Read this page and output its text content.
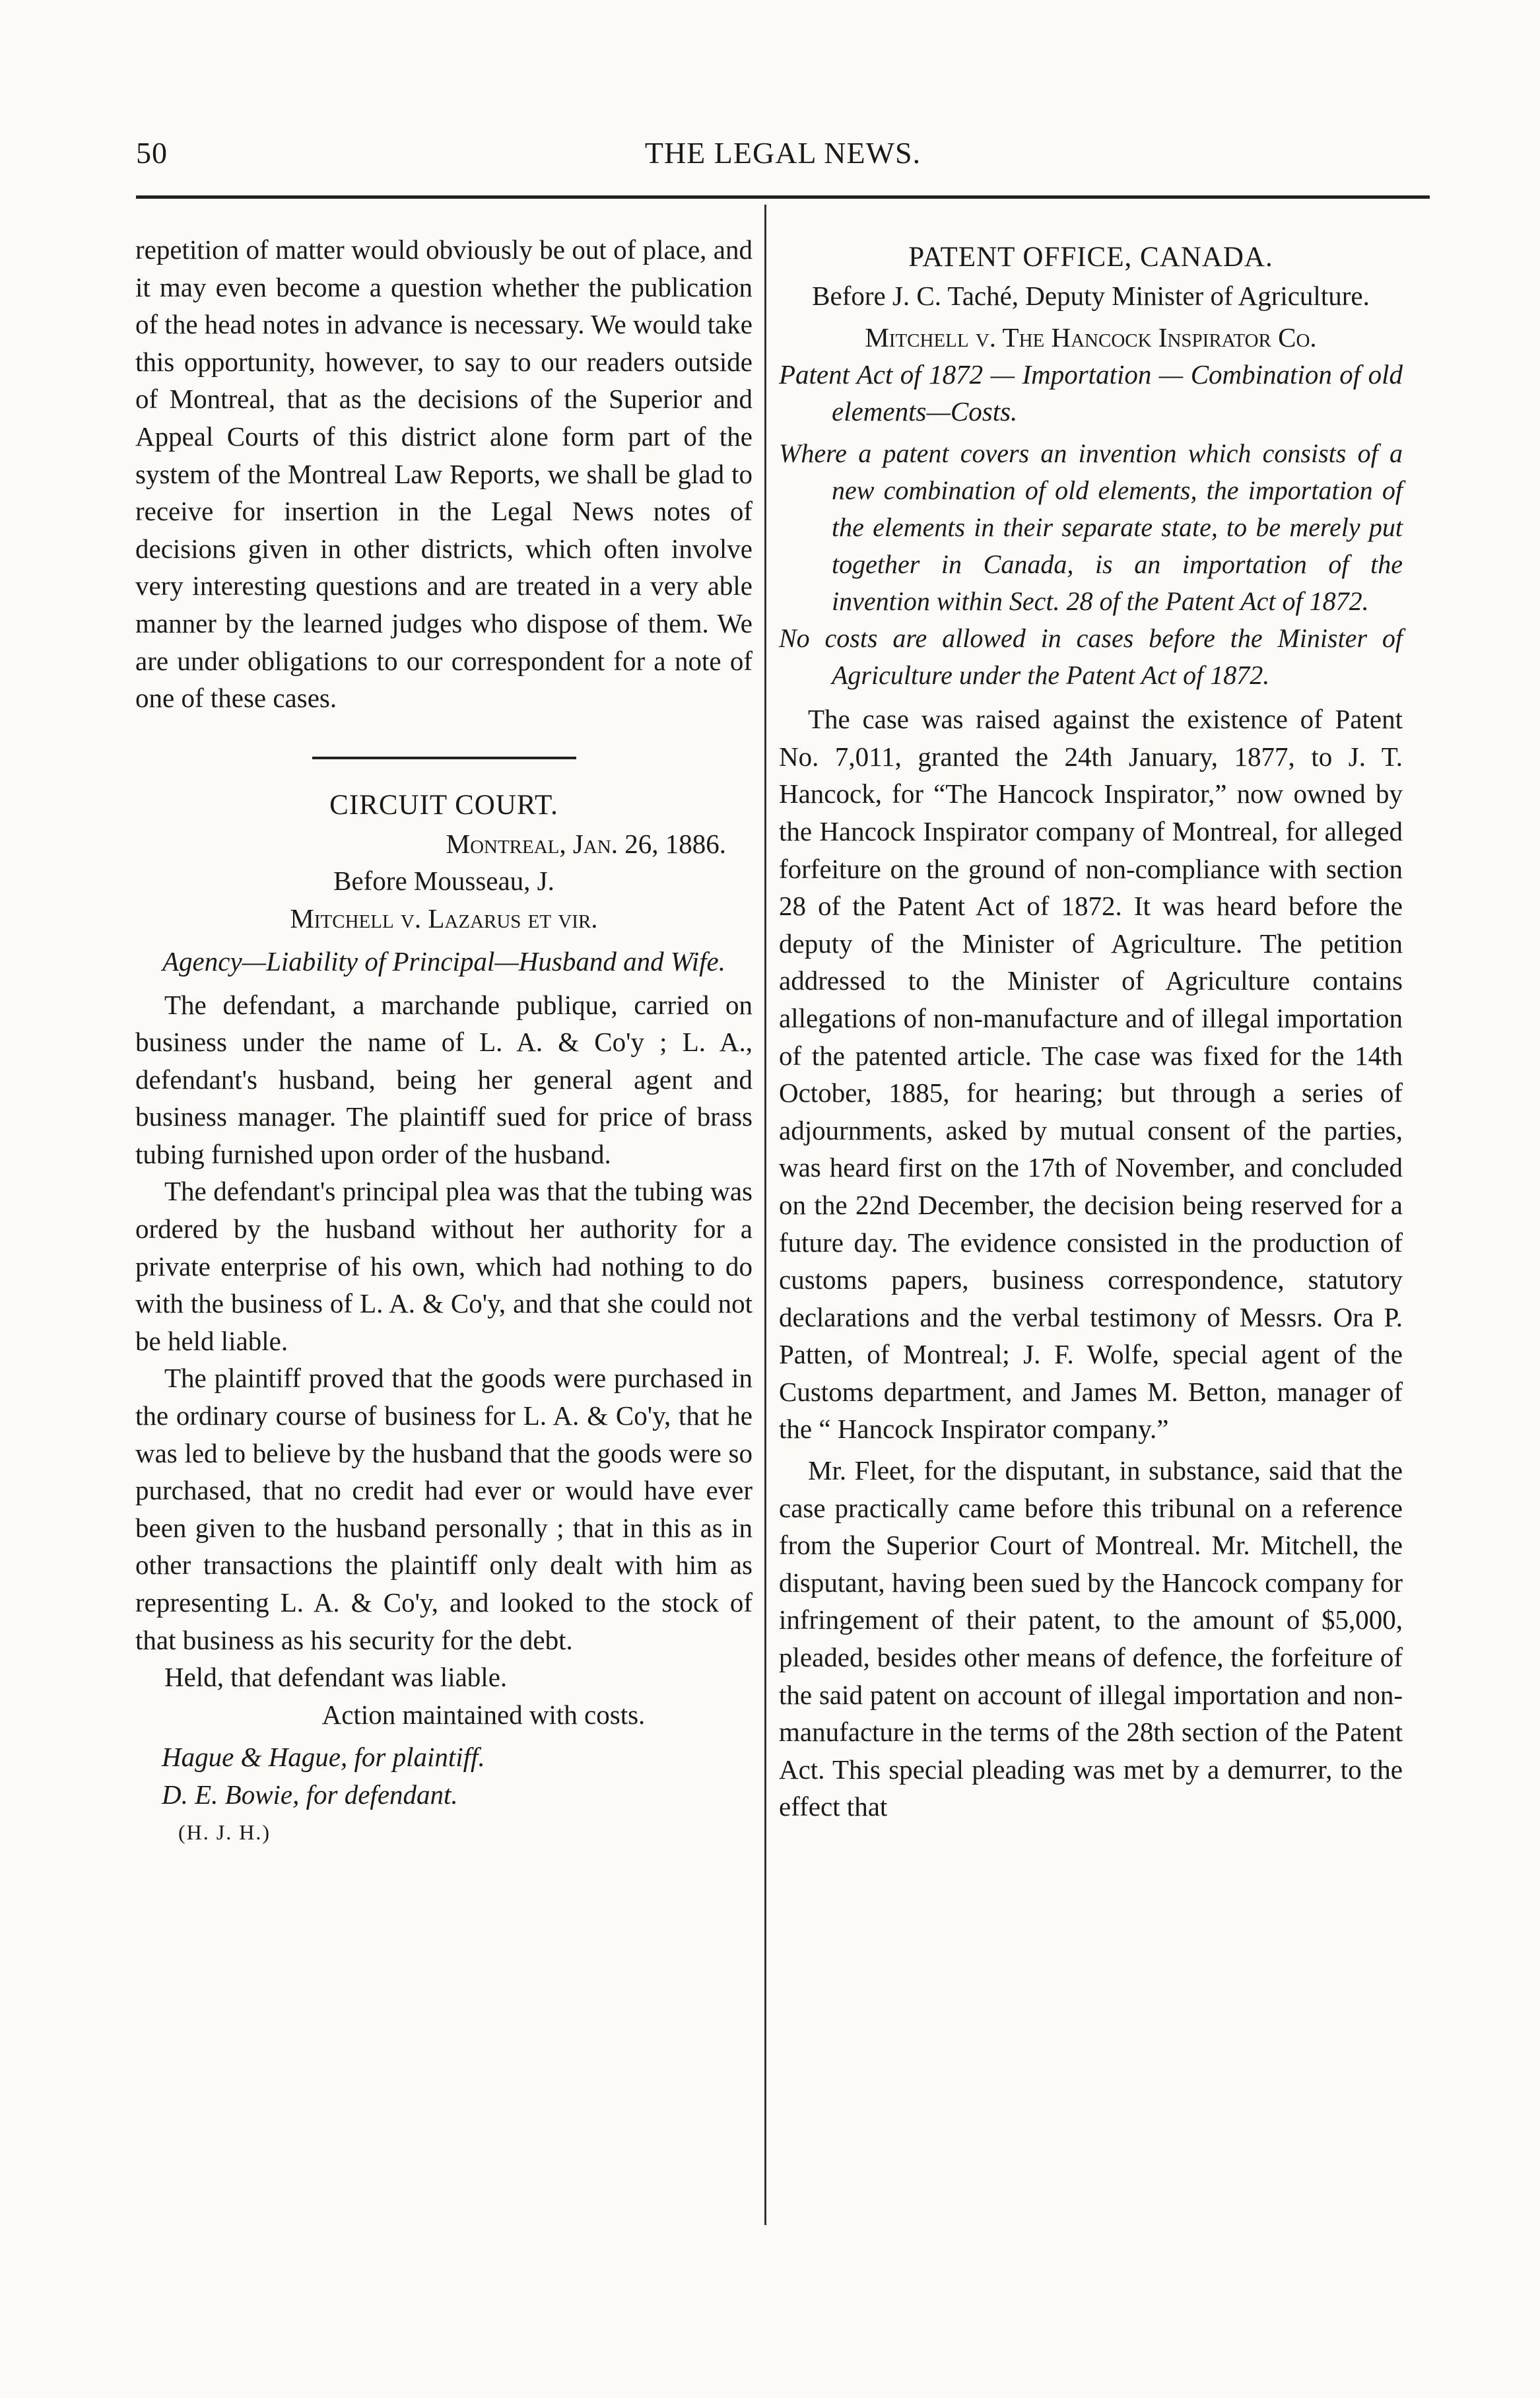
50	THE LEGAL NEWS.

repetition of matter would obviously be out of place, and it may even become a question whether the publication of the head notes in advance is necessary. We would take this opportunity, however, to say to our readers outside of Montreal, that as the decisions of the Superior and Appeal Courts of this district alone form part of the system of the Montreal Law Reports, we shall be glad to receive for insertion in the Legal News notes of decisions given in other districts, which often involve very interesting questions and are treated in a very able manner by the learned judges who dispose of them. We are under obligations to our correspondent for a note of one of these cases.

CIRCUIT COURT.

Montreal, Jan. 26, 1886.

Before Mousseau, J.

Mitchell v. Lazarus et vir.

Agency—Liability of Principal—Husband and Wife.

The defendant, a marchande publique, carried on business under the name of L. A. & Co'y ; L. A., defendant's husband, being her general agent and business manager. The plaintiff sued for price of brass tubing furnished upon order of the husband.

The defendant's principal plea was that the tubing was ordered by the husband without her authority for a private enterprise of his own, which had nothing to do with the business of L. A. & Co'y, and that she could not be held liable.

The plaintiff proved that the goods were purchased in the ordinary course of business for L. A. & Co'y, that he was led to believe by the husband that the goods were so purchased, that no credit had ever or would have ever been given to the husband personally ; that in this as in other transactions the plaintiff only dealt with him as representing L. A. & Co'y, and looked to the stock of that business as his security for the debt.

Held, that defendant was liable.

Action maintained with costs.

Hague & Hague, for plaintiff.

D. E. Bowie, for defendant.

(H. J. H.)

PATENT OFFICE, CANADA.

Before J. C. Taché, Deputy Minister of Agriculture.

Mitchell v. The Hancock Inspirator Co.

Patent Act of 1872 — Importation — Combination of old elements—Costs.

Where a patent covers an invention which consists of a new combination of old elements, the importation of the elements in their separate state, to be merely put together in Canada, is an importation of the invention within Sect. 28 of the Patent Act of 1872.

No costs are allowed in cases before the Minister of Agriculture under the Patent Act of 1872.

The case was raised against the existence of Patent No. 7,011, granted the 24th January, 1877, to J. T. Hancock, for “The Hancock Inspirator,” now owned by the Hancock Inspirator company of Montreal, for alleged forfeiture on the ground of non-compliance with section 28 of the Patent Act of 1872. It was heard before the deputy of the Minister of Agriculture. The petition addressed to the Minister of Agriculture contains allegations of non-manufacture and of illegal importation of the patented article. The case was fixed for the 14th October, 1885, for hearing; but through a series of adjournments, asked by mutual consent of the parties, was heard first on the 17th of November, and concluded on the 22nd December, the decision being reserved for a future day. The evidence consisted in the production of customs papers, business correspondence, statutory declarations and the verbal testimony of Messrs. Ora P. Patten, of Montreal; J. F. Wolfe, special agent of the Customs department, and James M. Betton, manager of the “ Hancock Inspirator company.”

Mr. Fleet, for the disputant, in substance, said that the case practically came before this tribunal on a reference from the Superior Court of Montreal. Mr. Mitchell, the disputant, having been sued by the Hancock company for infringement of their patent, to the amount of $5,000, pleaded, besides other means of defence, the forfeiture of the said patent on account of illegal importation and non-manufacture in the terms of the 28th section of the Patent Act. This special pleading was met by a demurrer, to the effect that
